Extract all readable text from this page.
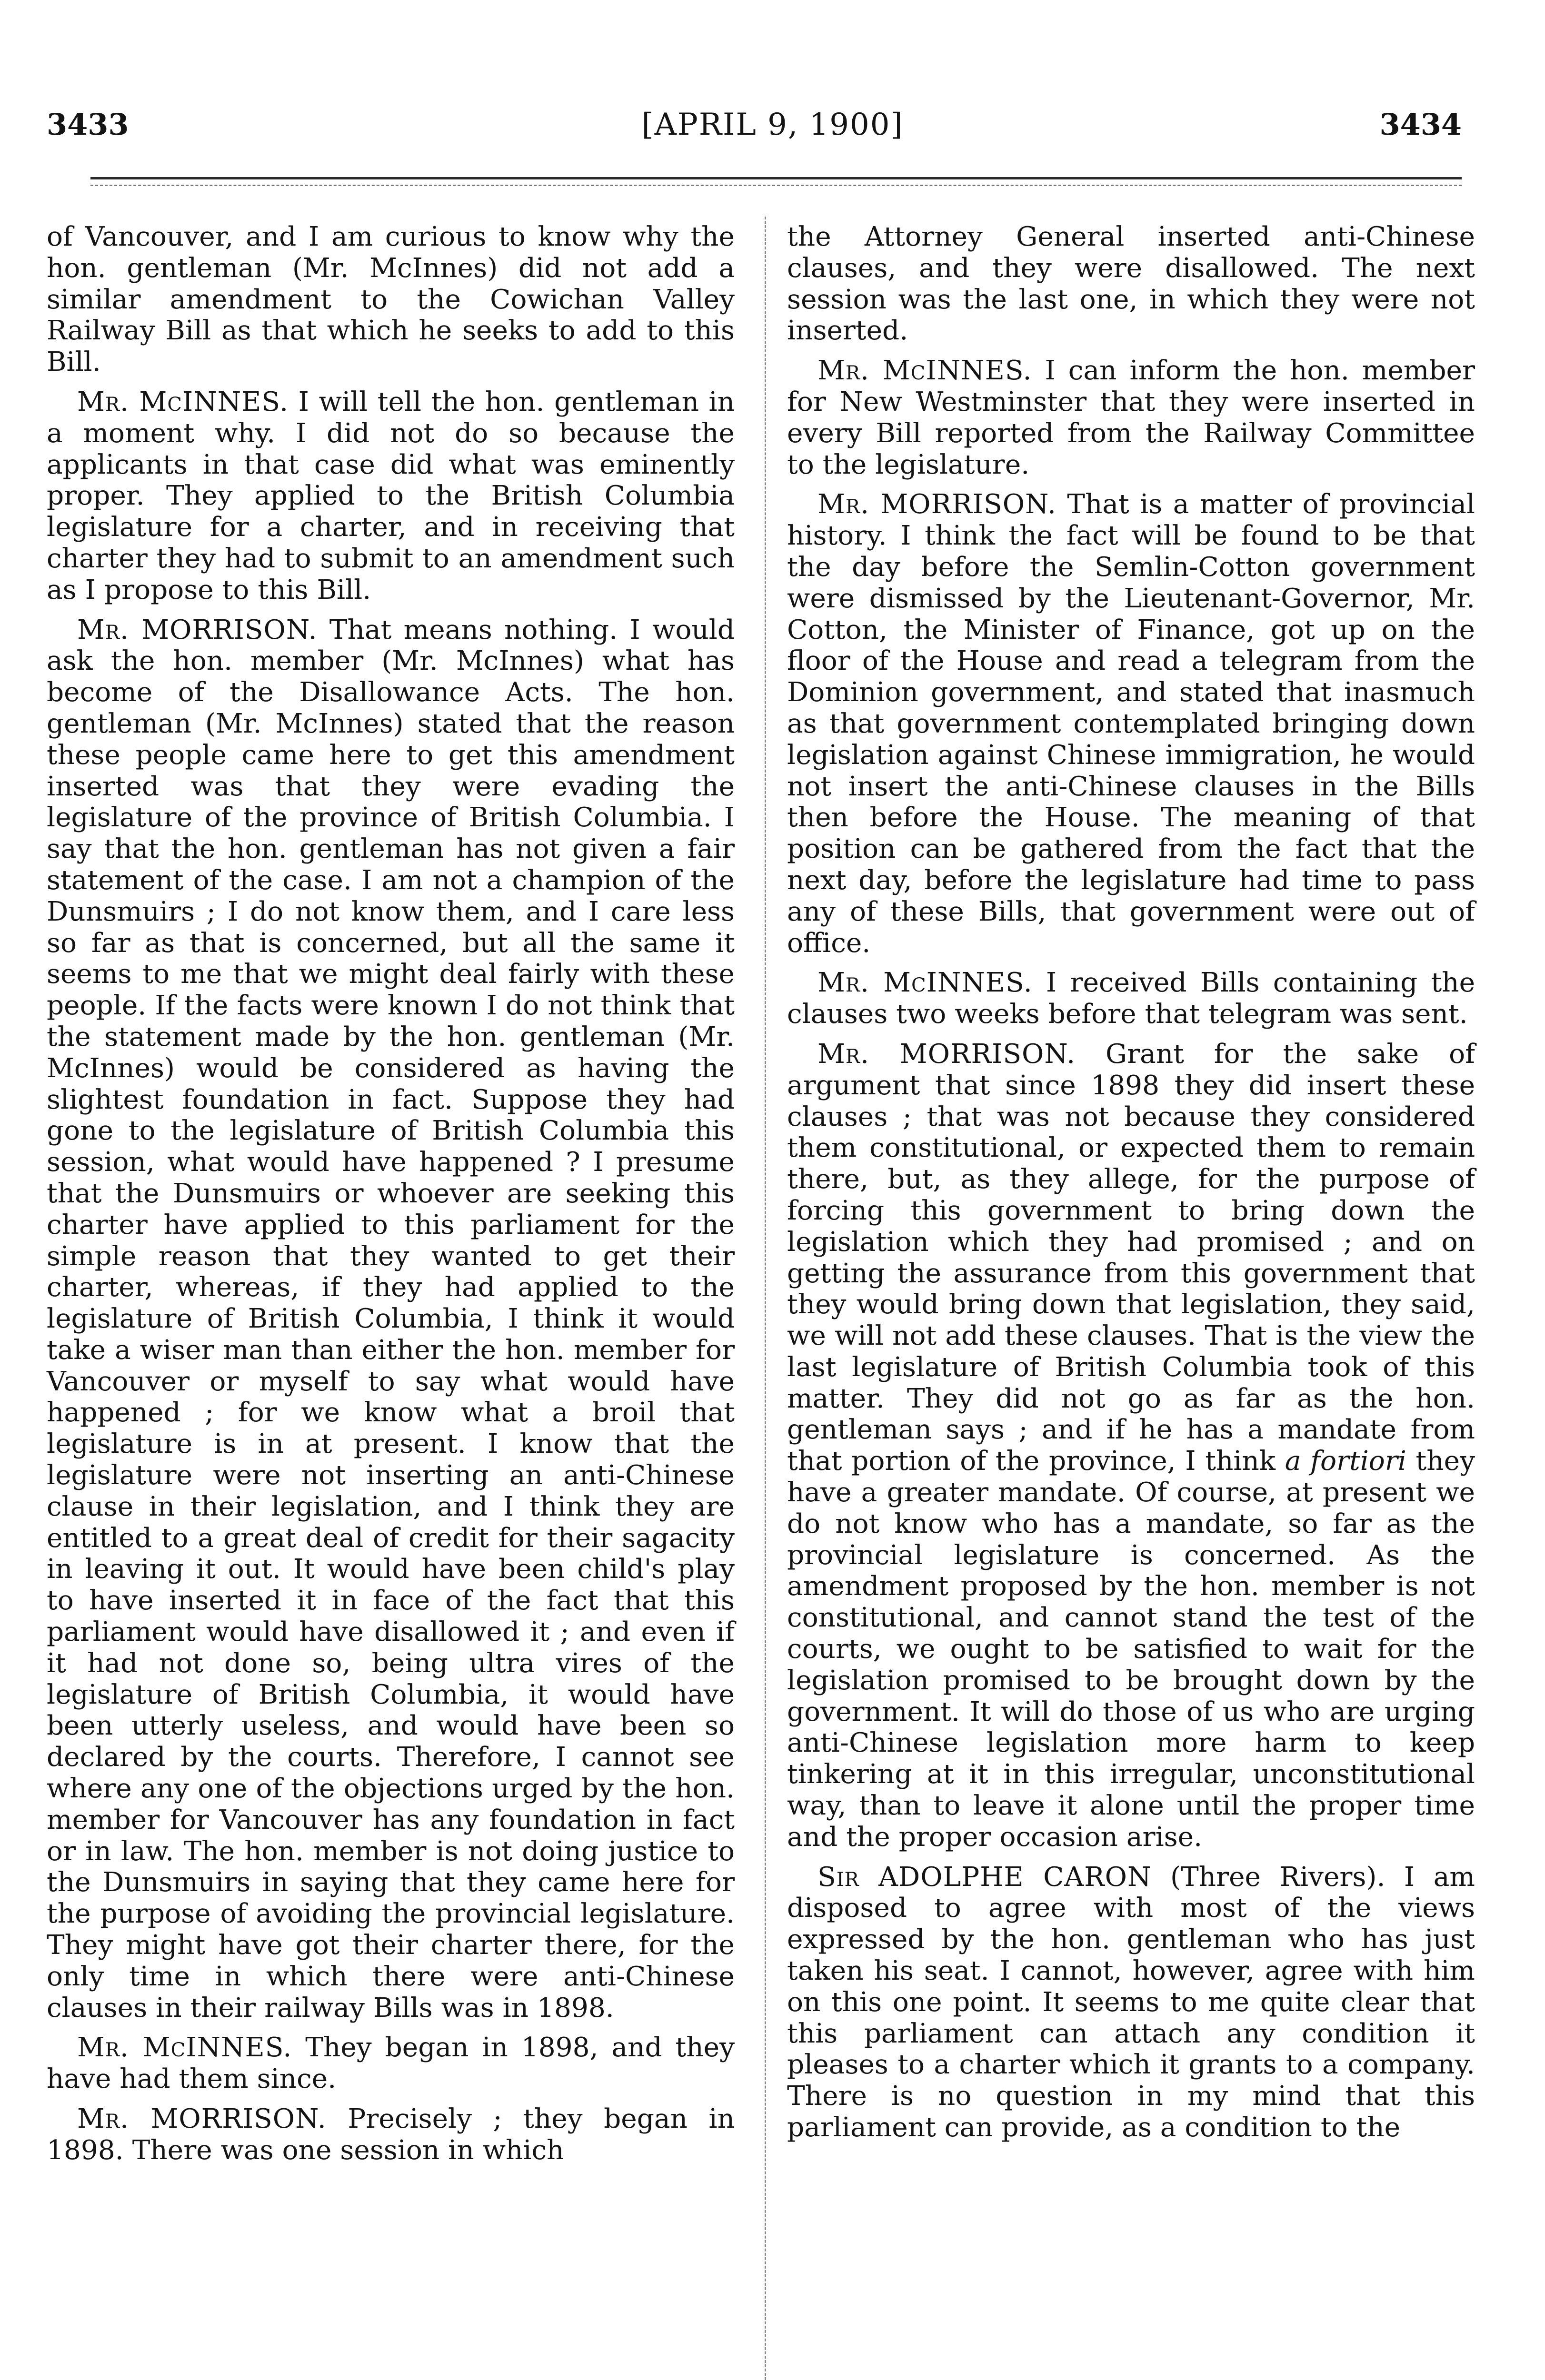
3433	[APRIL 9, 1900]	3434

of Vancouver, and I am curious to know why the hon. gentleman (Mr. McInnes) did not add a similar amendment to the Cowichan Valley Railway Bill as that which he seeks to add to this Bill.

Mr. McINNES. I will tell the hon. gentleman in a moment why. I did not do so because the applicants in that case did what was eminently proper. They applied to the British Columbia legislature for a charter, and in receiving that charter they had to submit to an amendment such as I propose to this Bill.

Mr. MORRISON. That means nothing. I would ask the hon. member (Mr. McInnes) what has become of the Disallowance Acts. The hon. gentleman (Mr. McInnes) stated that the reason these people came here to get this amendment inserted was that they were evading the legislature of the province of British Columbia. I say that the hon. gentleman has not given a fair statement of the case. I am not a champion of the Dunsmuirs ; I do not know them, and I care less so far as that is concerned, but all the same it seems to me that we might deal fairly with these people. If the facts were known I do not think that the statement made by the hon. gentleman (Mr. McInnes) would be considered as having the slightest foundation in fact. Suppose they had gone to the legislature of British Columbia this session, what would have happened ? I presume that the Dunsmuirs or whoever are seeking this charter have applied to this parliament for the simple reason that they wanted to get their charter, whereas, if they had applied to the legislature of British Columbia, I think it would take a wiser man than either the hon. member for Vancouver or myself to say what would have happened ; for we know what a broil that legislature is in at present. I know that the legislature were not inserting an anti-Chinese clause in their legislation, and I think they are entitled to a great deal of credit for their sagacity in leaving it out. It would have been child's play to have inserted it in face of the fact that this parliament would have disallowed it ; and even if it had not done so, being ultra vires of the legislature of British Columbia, it would have been utterly useless, and would have been so declared by the courts. Therefore, I cannot see where any one of the objections urged by the hon. member for Vancouver has any foundation in fact or in law. The hon. member is not doing justice to the Dunsmuirs in saying that they came here for the purpose of avoiding the provincial legislature. They might have got their charter there, for the only time in which there were anti-Chinese clauses in their railway Bills was in 1898.

Mr. McINNES. They began in 1898, and they have had them since.

Mr. MORRISON. Precisely ; they began in 1898. There was one session in which

the Attorney General inserted anti-Chinese clauses, and they were disallowed. The next session was the last one, in which they were not inserted.

Mr. McINNES. I can inform the hon. member for New Westminster that they were inserted in every Bill reported from the Railway Committee to the legislature.

Mr. MORRISON. That is a matter of provincial history. I think the fact will be found to be that the day before the Semlin-Cotton government were dismissed by the Lieutenant-Governor, Mr. Cotton, the Minister of Finance, got up on the floor of the House and read a telegram from the Dominion government, and stated that inasmuch as that government contemplated bringing down legislation against Chinese immigration, he would not insert the anti-Chinese clauses in the Bills then before the House. The meaning of that position can be gathered from the fact that the next day, before the legislature had time to pass any of these Bills, that government were out of office.

Mr. McINNES. I received Bills containing the clauses two weeks before that telegram was sent.

Mr. MORRISON. Grant for the sake of argument that since 1898 they did insert these clauses ; that was not because they considered them constitutional, or expected them to remain there, but, as they allege, for the purpose of forcing this government to bring down the legislation which they had promised ; and on getting the assurance from this government that they would bring down that legislation, they said, we will not add these clauses. That is the view the last legislature of British Columbia took of this matter. They did not go as far as the hon. gentleman says ; and if he has a mandate from that portion of the province, I think a fortiori they have a greater mandate. Of course, at present we do not know who has a mandate, so far as the provincial legislature is concerned. As the amendment proposed by the hon. member is not constitutional, and cannot stand the test of the courts, we ought to be satisfied to wait for the legislation promised to be brought down by the government. It will do those of us who are urging anti-Chinese legislation more harm to keep tinkering at it in this irregular, unconstitutional way, than to leave it alone until the proper time and the proper occasion arise.

Sir ADOLPHE CARON (Three Rivers). I am disposed to agree with most of the views expressed by the hon. gentleman who has just taken his seat. I cannot, however, agree with him on this one point. It seems to me quite clear that this parliament can attach any condition it pleases to a charter which it grants to a company. There is no question in my mind that this parliament can provide, as a condition to the
